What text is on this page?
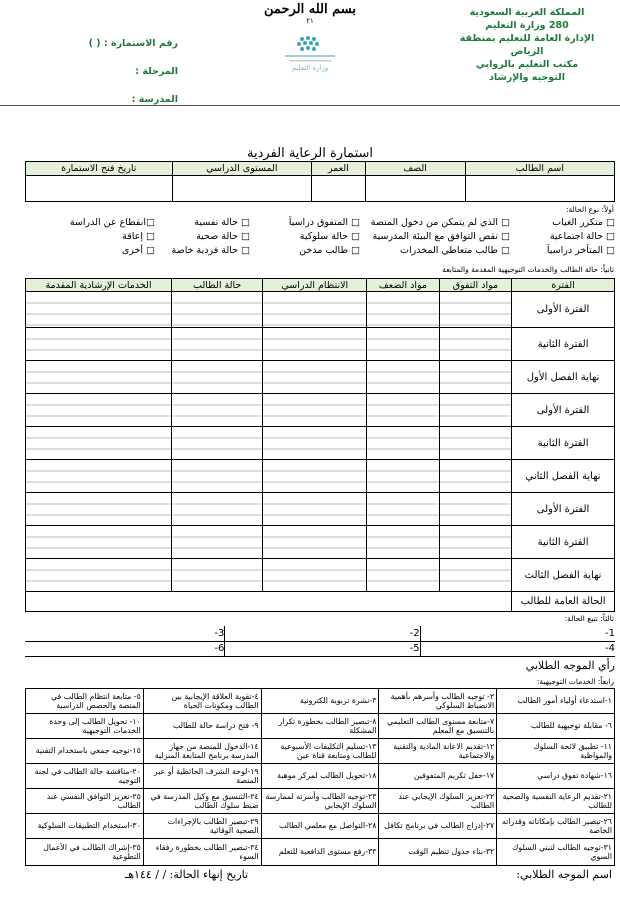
المملكة العربية السعودية
280 وزارة التعليم
الإدارة العامة للتعليم بمنطقة الرياض
مكتب التعليم بالروابي
التوجيه والإرشاد
بسم الله الرحمن
٢١
وزارة التعليم
رقم الاستمارة : ( )
المرحلة :
المدرسة :
استمارة الرعاية الفردية
اسم الطالب	الصف	العمر	المستوى الدراسي	تاريخ فتح الاستمارة

أولاً: نوع الحالة:
□ متكرر الغياب
□ الذي لم يتمكن من دخول المنصة
□ المتفوق دراسياً
□ حالة نفسية
□انقطاع عن الدراسة
□ حالة اجتماعية
□ نقص التوافق مع البيئة المدرسية
□ حالة سلوكية
□ حالة صحية
□ إعاقة
□ المتأخر دراسياً
□ طالب متعاطي المخدرات
□ طالب مدخن
□ حالة فردية خاصة
□ أخرى
ثانياً: حالة الطالب والخدمات التوجيهية المقدمة والمتابعة
الفترة	مواد التفوق	مواد الضعف	الانتظام الدراسي	حالة الطالب	الخدمات الإرشادية المقدمة
الفترة الأولى					
الفترة الثانية					
نهاية الفصل الأول					
الفترة الأولى					
الفترة الثانية					
نهاية الفصل الثاني					
الفترة الأولى					
الفترة الثانية					
نهاية الفصل الثالث					
الحالة العامة للطالب					
ثالثاً: تتبع الحالة:
1-	2-	3-
4-	5-	6-
رأي الموجه الطلابي		
رابعاً: الخدمات التوجيهية:
١-استدعاء أولياء أمور الطالب	٢- توجيه الطالب وأسرهم بأهمية الانضباط السلوكي	٣-نشرة تربوية الكترونية	٤-تقوية العلاقة الإيجابية بين الطالب ومكونات الحياة	٥- متابعة انتظام الطالب في المنصة والحصص الدراسية
٦- مقابلة توجيهية للطالب	٧-متابعة مستوى الطالب التعليمي بالتنسيق مع المعلم	٨-تبصير الطالب بخطورة تكرار المشكلة	٩- فتح دراسة حالة للطالب	١٠- تحويل الطالب إلى وحدة الخدمات التوجيهية
١١- تطبيق لائحة السلوك والمواظبة	١٢-تقديم الاعانة المادية والتقنية والاجتماعية	١٣-تسليم التكليفات الأسبوعية للطالب ومتابعة قناة عين	١٤-الدخول للمنصة من جهاز المدرسة برنامج المتابعة المنزلية	١٥-توجيه جمعي باستخدام التقنية
١٦-شهادة تفوق دراسي	١٧-حفل تكريم المتفوقين	١٨-تحويل الطالب لمركز موهبة	١٩-لوحة الشرف الحائطية أو عبر المنصة	٢٠-مناقشة حالة الطالب في لجنة التوجيه
٢١-تقديم الرعاية النفسية والصحية للطالب	٢٢-تعزيز السلوك الإيجابي عند الطالب	٢٣-توجيه الطالب وأسرته لممارسة السلوك الإيجابي	٢٤-التنسيق مع وكيل المدرسة في ضبط سلوك الطالب	٢٥-تعزيز التوافق النفسي عند الطالب
٢٦-تبصير الطالب بإمكاناته وقدراته الخاصة	٢٧-إدراج الطالب في برنامج تكافل	٢٨-التواصل مع معلمي الطالب	٢٩-تبصير الطالب بالإجراءات الصحية الوقائية	٣٠-استخدام التطبيقات السلوكية
٣١-توجيه الطالب لتبني السلوك السوي	٣٢-بناء جدول تنظيم الوقت	٣٣-رفع مستوى الدافعية للتعلم	٣٤-تبصير الطالب بخطورة رفقاء السوء	٣٥-إشراك الطالب في الأعمال التطوعية
اسم الموجه الطلابي:
تاريخ إنهاء الحالة: / / ١٤٤هـ
